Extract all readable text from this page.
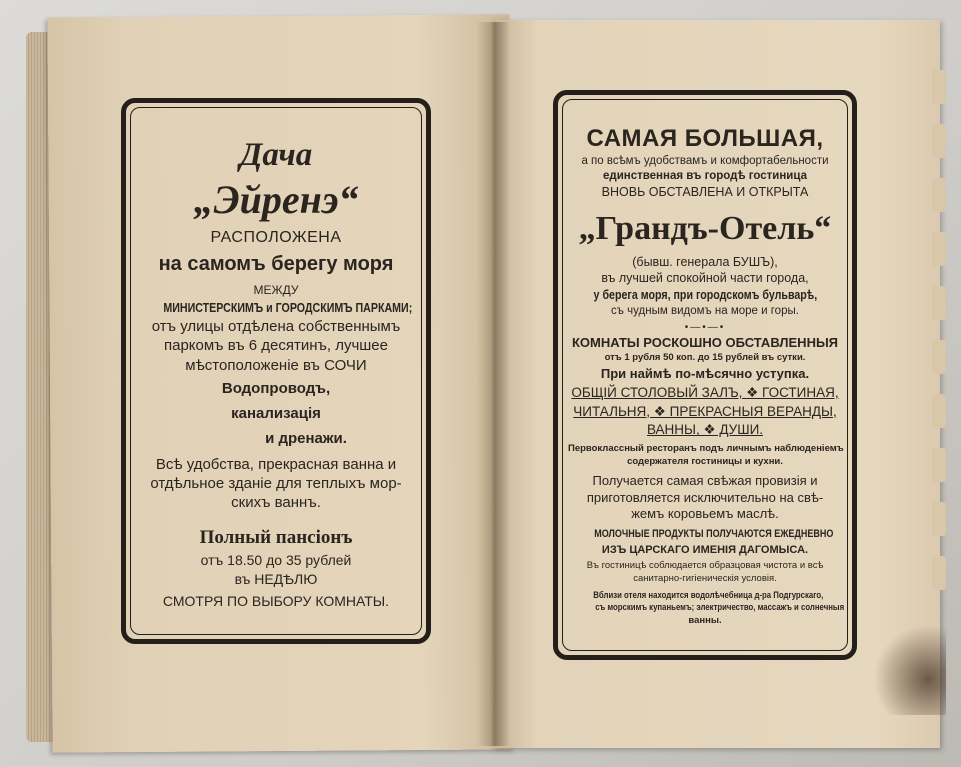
Дача
„Эйренэ“
РАСПОЛОЖЕНА
на самомъ берегу моря
МЕЖДУ
МИНИСТЕРСКИМЪ и ГОРОДСКИМЪ ПАРКАМИ;
отъ улицы отдѣлена собственнымъ
паркомъ въ 6 десятинъ, лучшее
мѣстоположеніе въ СОЧИ
Водопроводъ,
канализація
и дренажи.
Всѣ удобства, прекрасная ванна и
отдѣльное зданіе для теплыхъ мор-
скихъ ваннъ.
Полный пансіонъ
отъ 18.50 до 35 рублей
въ НЕДѢЛЮ
СМОТРЯ ПО ВЫБОРУ КОМНАТЫ.
САМАЯ БОЛЬШАЯ,
а по всѣмъ удобствамъ и комфортабельности
единственная въ городѣ гостиница
ВНОВЬ ОБСТАВЛЕНА И ОТКРЫТА
„Грандъ-Отель“
(бывш. генерала БУШЪ),
въ лучшей спокойной части города,
у берега моря, при городскомъ бульварѣ,
съ чудным видомъ на море и горы.
•—•—•
КОМНАТЫ РОСКОШНО ОБСТАВЛЕННЫЯ
отъ 1 рубля 50 коп. до 15 рублей въ сутки.
При наймѣ по-мѣсячно уступка.
ОБЩІЙ СТОЛОВЫЙ ЗАЛЪ, ❖ ГОСТИНАЯ,
ЧИТАЛЬНЯ, ❖ ПРЕКРАСНЫЯ ВЕРАНДЫ,
ВАННЫ, ❖ ДУШИ.
Первоклассный ресторанъ подъ личнымъ наблюденіемъ
содержателя гостиницы и кухни.
Получается самая свѣжая провизія и
приготовляется исключительно на свѣ-
жемъ коровьемъ маслѣ.
МОЛОЧНЫЕ ПРОДУКТЫ ПОЛУЧАЮТСЯ ЕЖЕДНЕВНО
ИЗЪ ЦАРСКАГО ИМЕНІЯ ДАГОМЫСА.
Въ гостиницѣ соблюдается образцовая чистота и всѣ
санитарно-гигіеническія условія.
Вблизи отеля находится водолѣчебница д-ра Подгурскаго,
съ морскимъ купаньемъ; электричество, массажъ и солнечныя
ванны.
